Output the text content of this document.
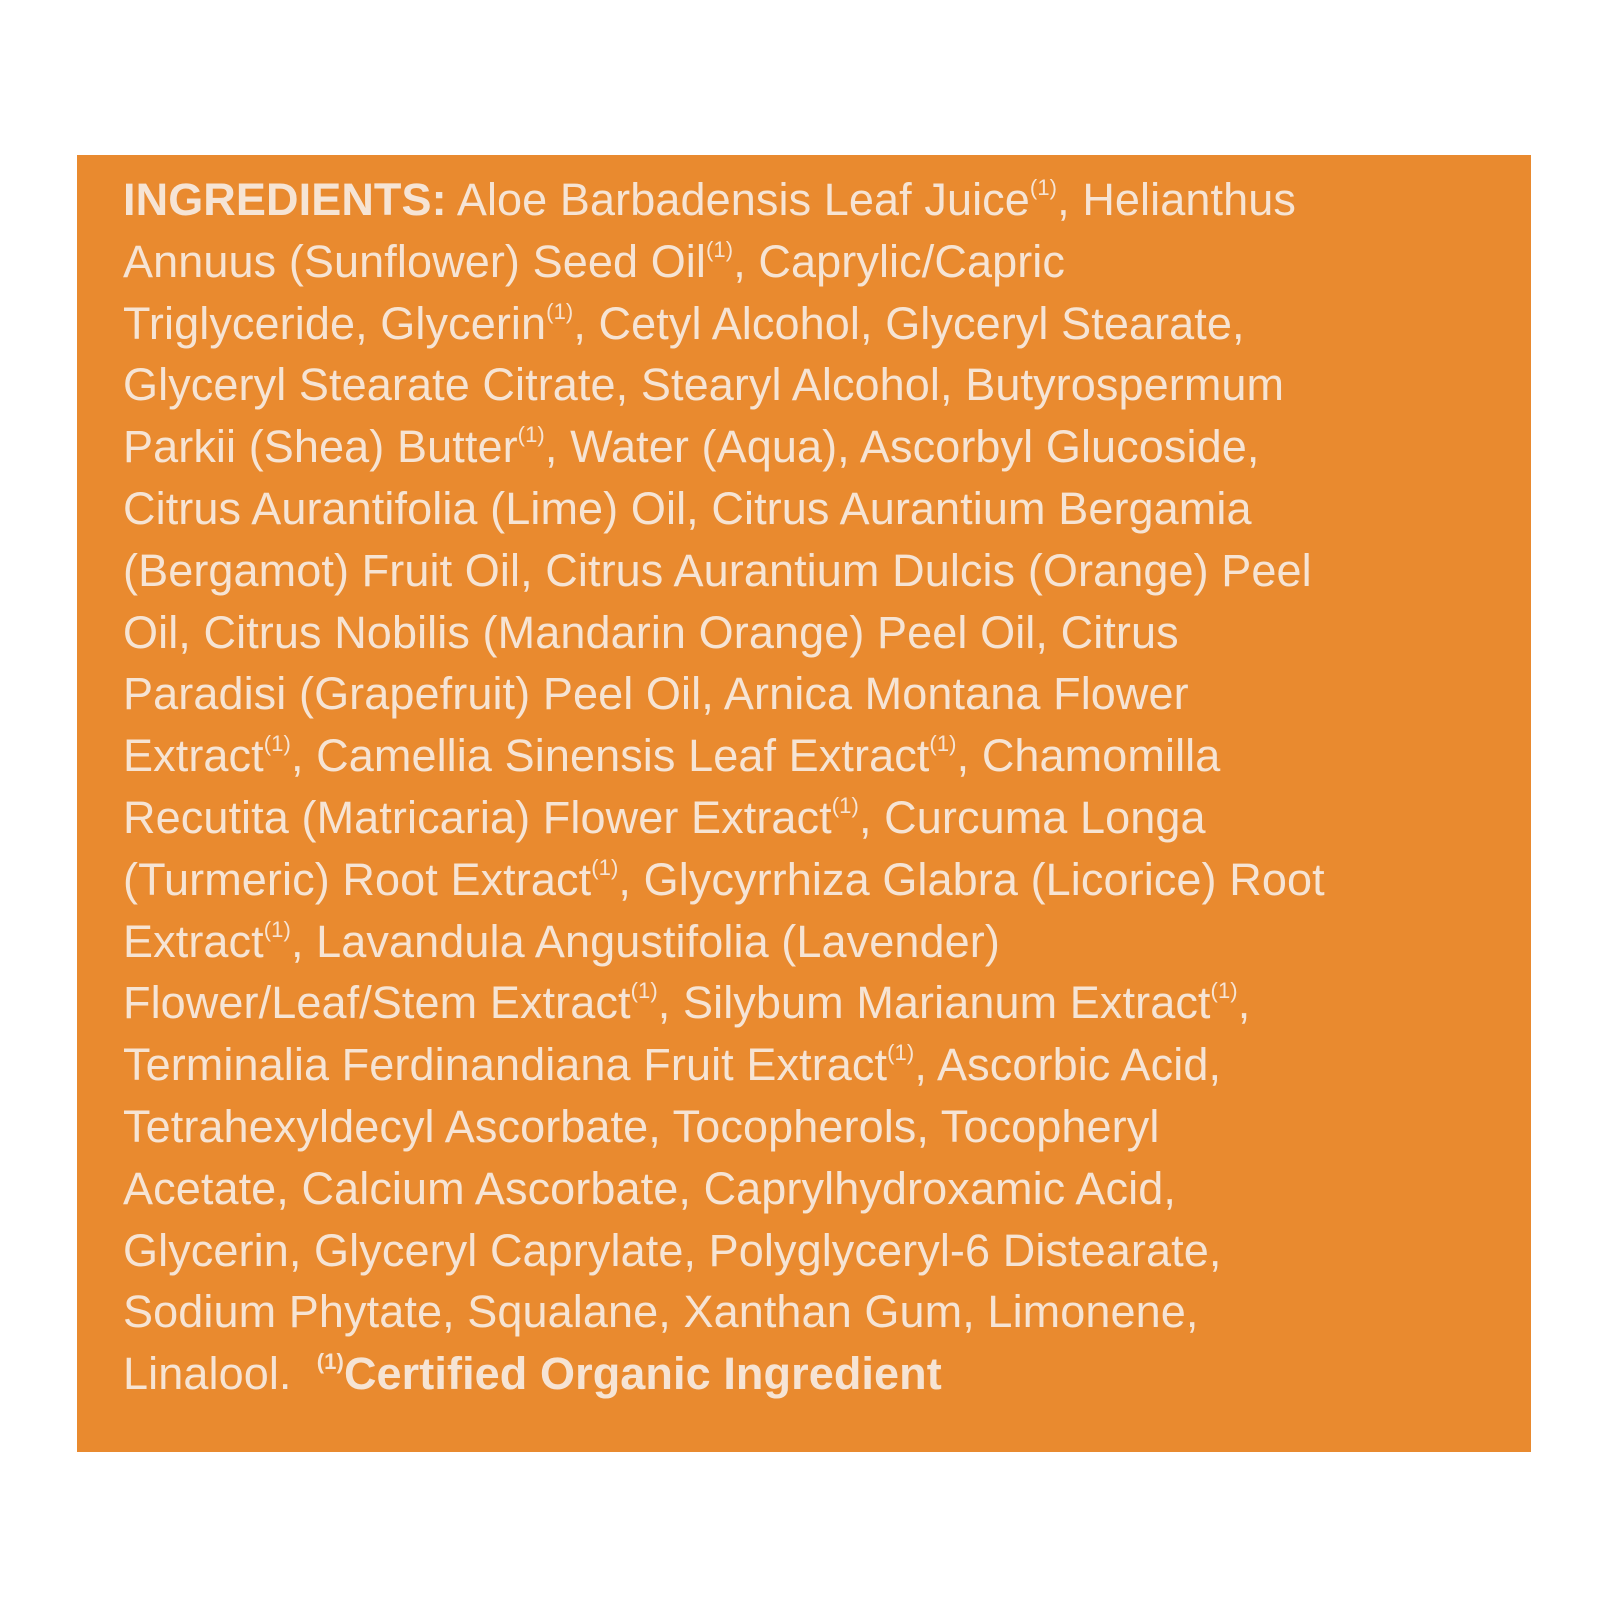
INGREDIENTS: Aloe Barbadensis Leaf Juice$^{(1)}$, Helianthus
Annuus (Sunflower) Seed Oil$^{(1)}$, Caprylic/Capric
Triglyceride, Glycerin$^{(1)}$, Cetyl Alcohol, Glyceryl Stearate,
Glyceryl Stearate Citrate, Stearyl Alcohol, Butyrospermum
Parkii (Shea) Butter$^{(1)}$, Water (Aqua), Ascorbyl Glucoside,
Citrus Aurantifolia (Lime) Oil, Citrus Aurantium Bergamia
(Bergamot) Fruit Oil, Citrus Aurantium Dulcis (Orange) Peel
Oil, Citrus Nobilis (Mandarin Orange) Peel Oil, Citrus
Paradisi (Grapefruit) Peel Oil, Arnica Montana Flower
Extract$^{(1)}$, Camellia Sinensis Leaf Extract$^{(1)}$, Chamomilla
Recutita (Matricaria) Flower Extract$^{(1)}$, Curcuma Longa
(Turmeric) Root Extract$^{(1)}$, Glycyrrhiza Glabra (Licorice) Root
Extract$^{(1)}$, Lavandula Angustifolia (Lavender)
Flower/Leaf/Stem Extract$^{(1)}$, Silybum Marianum Extract$^{(1)}$,
Terminalia Ferdinandiana Fruit Extract$^{(1)}$, Ascorbic Acid,
Tetrahexyldecyl Ascorbate, Tocopherols, Tocopheryl
Acetate, Calcium Ascorbate, Caprylhydroxamic Acid,
Glycerin, Glyceryl Caprylate, Polyglyceryl-6 Distearate,
Sodium Phytate, Squalane, Xanthan Gum, Limonene,
Linalool. $^{(1)}$Certified Organic Ingredient
